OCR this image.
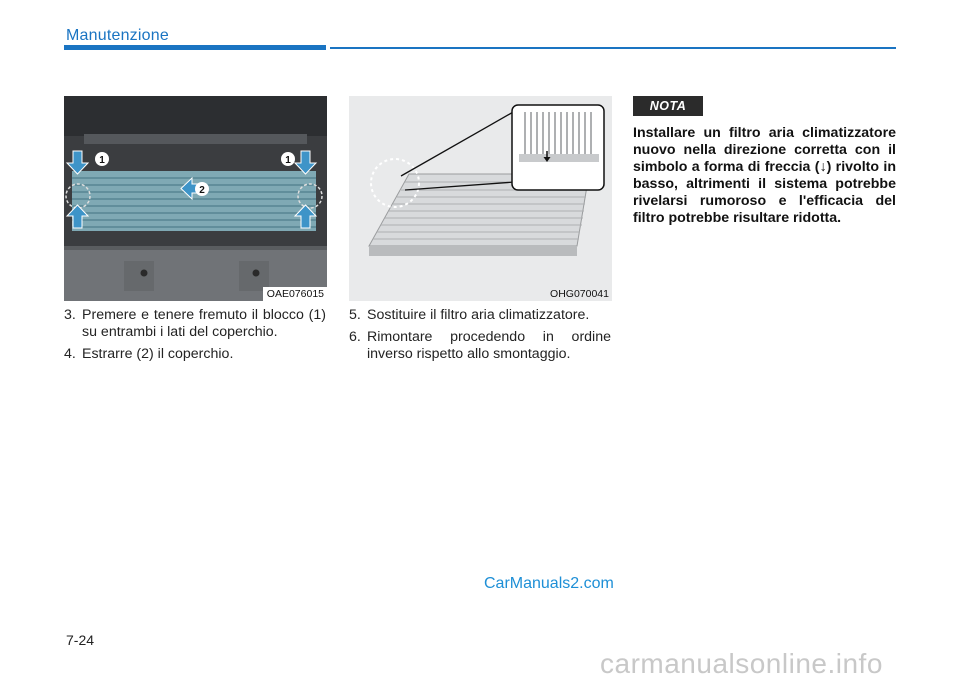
Manutenzione
1	1
2
OAE076015	OHG070041
3. Premere e tenere fremuto il blocco (1) su entrambi i lati del coperchio.
4. Estrarre (2) il coperchio.
5. Sostituire il filtro aria climatizzatore.
6. Rimontare procedendo in ordine inverso rispetto allo smontaggio.
NOTA
Installare un filtro aria climatizzatore nuovo nella direzione corretta con il simbolo a forma di freccia (↓) rivolto in basso, altrimenti il sistema potrebbe rivelarsi rumoroso e l'efficacia del filtro potrebbe risultare ridotta.
7-24
CarManuals2.com
carmanualsonline.info
